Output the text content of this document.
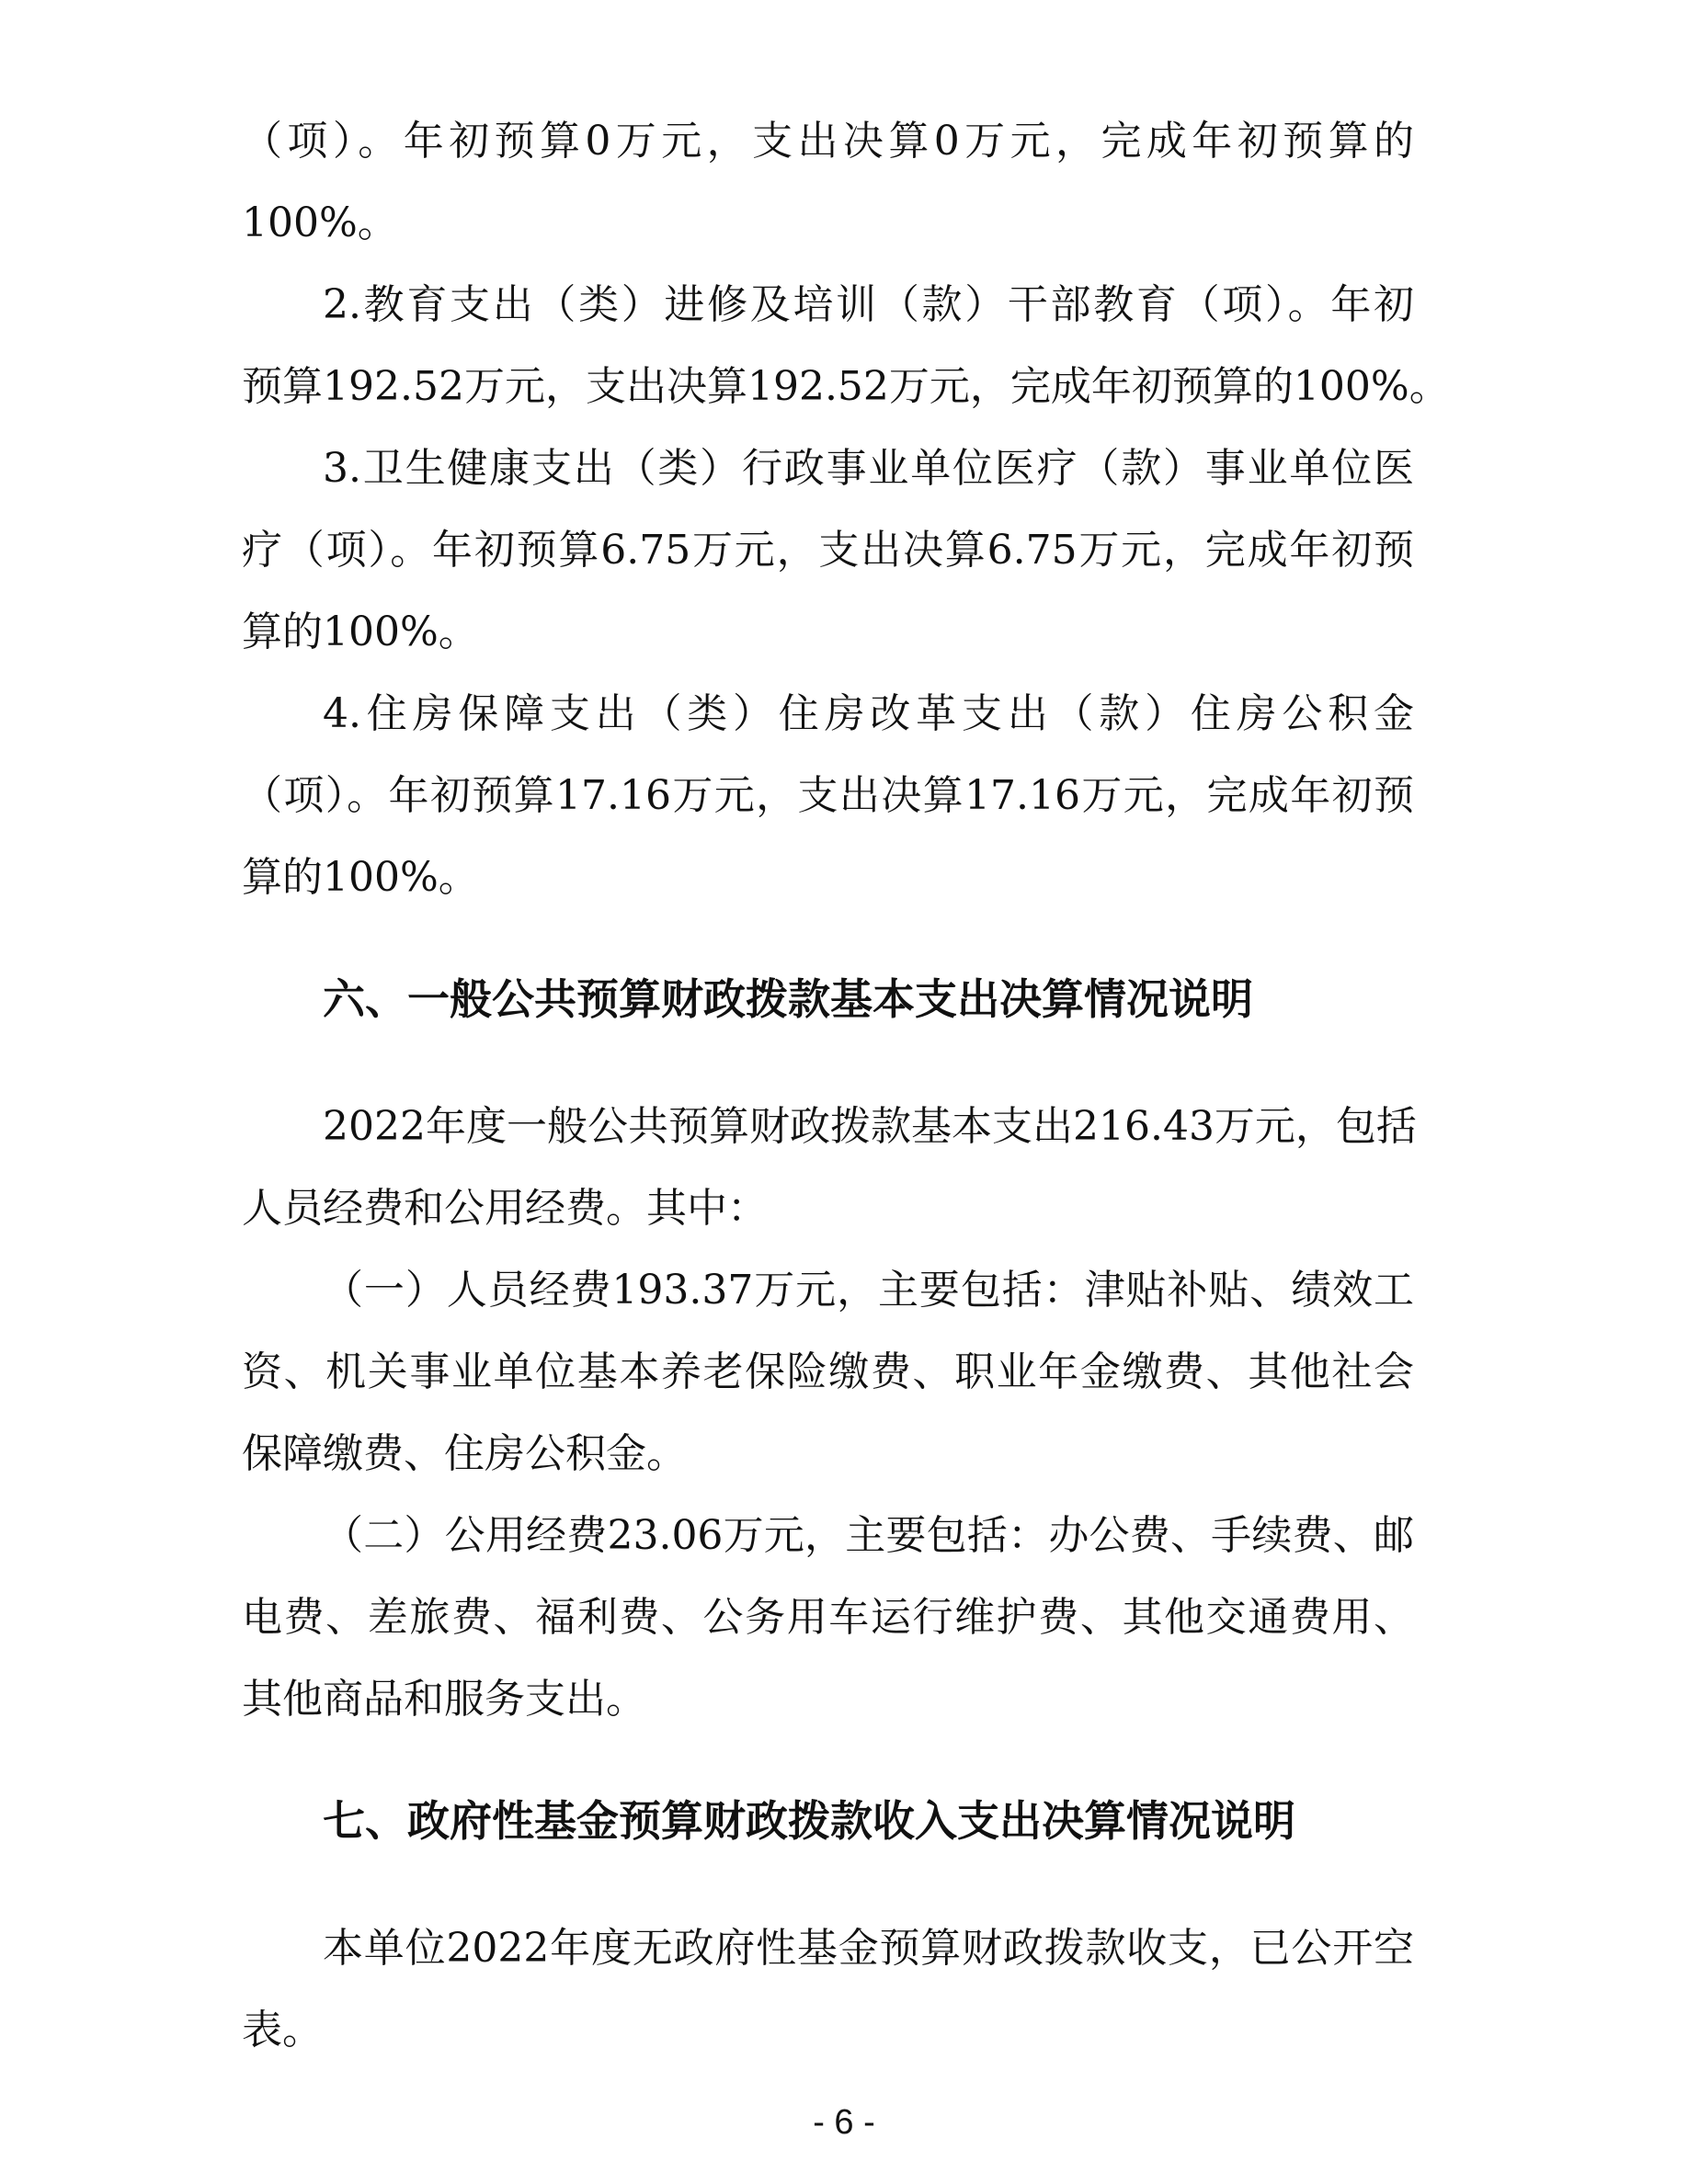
（项）。年初预算0万元，支出决算0万元，完成年初预算的
100%。
2.教育支出（类）进修及培训（款）干部教育（项）。年初
预算192.52万元，支出决算192.52万元，完成年初预算的100%。
3.卫生健康支出（类）行政事业单位医疗（款）事业单位医
疗（项）。年初预算6.75万元，支出决算6.75万元，完成年初预
算的100%。
4.住房保障支出（类）住房改革支出（款）住房公积金
（项）。年初预算17.16万元，支出决算17.16万元，完成年初预
算的100%。
六、一般公共预算财政拨款基本支出决算情况说明
2022年度一般公共预算财政拨款基本支出216.43万元，包括
人员经费和公用经费。其中：
（一）人员经费193.37万元，主要包括：津贴补贴、绩效工
资、机关事业单位基本养老保险缴费、职业年金缴费、其他社会
保障缴费、住房公积金。
（二）公用经费23.06万元，主要包括：办公费、手续费、邮
电费、差旅费、福利费、公务用车运行维护费、其他交通费用、
其他商品和服务支出。
七、政府性基金预算财政拨款收入支出决算情况说明
本单位2022年度无政府性基金预算财政拨款收支，已公开空
表。
- 6 -
